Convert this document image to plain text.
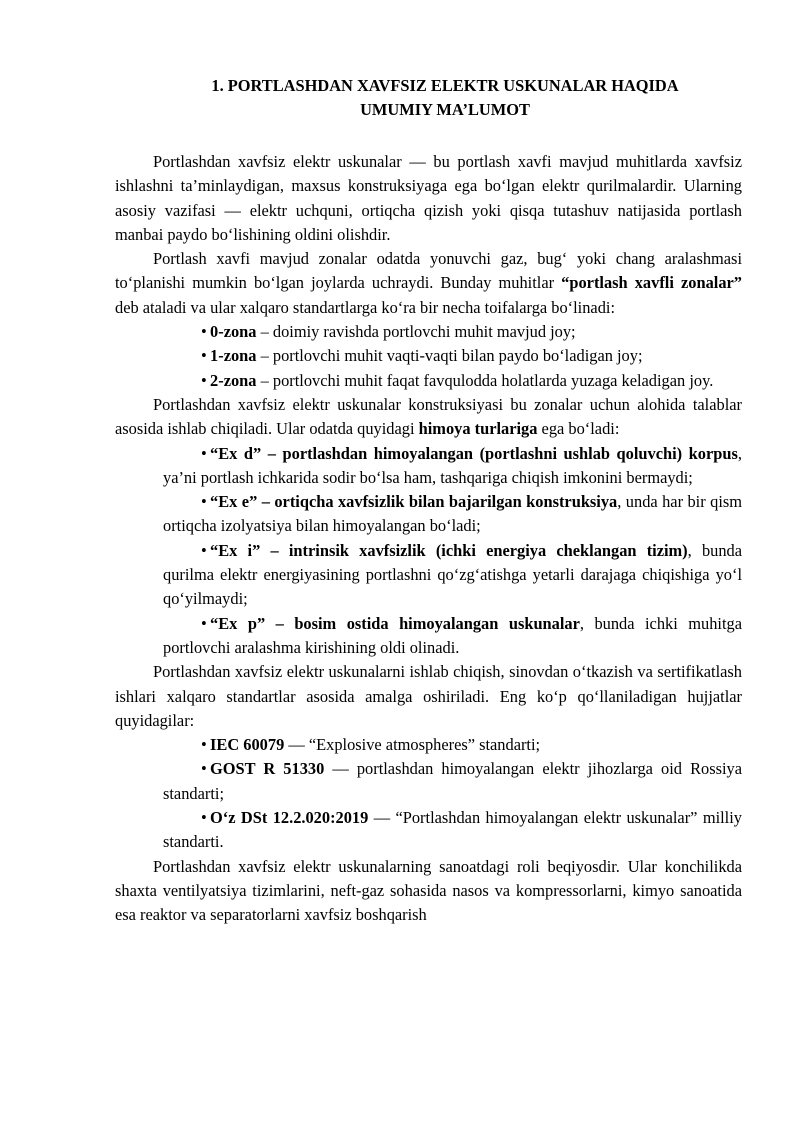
1. PORTLASHDAN XAVFSIZ ELEKTR USKUNALAR HAQIDA
UMUMIY MA’LUMOT

Portlashdan xavfsiz elektr uskunalar — bu portlash xavfi mavjud muhitlarda xavfsiz ishlashni ta’minlaydigan, maxsus konstruksiyaga ega bo‘lgan elektr qurilmalardir. Ularning asosiy vazifasi — elektr uchquni, ortiqcha qizish yoki qisqa tutashuv natijasida portlash manbai paydo bo‘lishining oldini olishdir.

Portlash xavfi mavjud zonalar odatda yonuvchi gaz, bug‘ yoki chang aralashmasi to‘planishi mumkin bo‘lgan joylarda uchraydi. Bunday muhitlar “portlash xavfli zonalar” deb ataladi va ular xalqaro standartlarga ko‘ra bir necha toifalarga bo‘linadi:

•  0-zona – doimiy ravishda portlovchi muhit mavjud joy;

•  1-zona – portlovchi muhit vaqti-vaqti bilan paydo bo‘ladigan joy;

•  2-zona – portlovchi muhit faqat favqulodda holatlarda yuzaga keladigan joy.

Portlashdan xavfsiz elektr uskunalar konstruksiyasi bu zonalar uchun alohida talablar asosida ishlab chiqiladi. Ular odatda quyidagi himoya turlariga ega bo‘ladi:

•  “Ex d” – portlashdan himoyalangan (portlashni ushlab qoluvchi) korpus, ya’ni portlash ichkarida sodir bo‘lsa ham, tashqariga chiqish imkonini bermaydi;

•  “Ex e” – ortiqcha xavfsizlik bilan bajarilgan konstruksiya, unda har bir qism ortiqcha izolyatsiya bilan himoyalangan bo‘ladi;

•  “Ex i” – intrinsik xavfsizlik (ichki energiya cheklangan tizim), bunda qurilma elektr energiyasining portlashni qo‘zg‘atishga yetarli darajaga chiqishiga yo‘l qo‘yilmaydi;

•  “Ex p” – bosim ostida himoyalangan uskunalar, bunda ichki muhitga portlovchi aralashma kirishining oldi olinadi.

Portlashdan xavfsiz elektr uskunalarni ishlab chiqish, sinovdan o‘tkazish va sertifikatlash ishlari xalqaro standartlar asosida amalga oshiriladi. Eng ko‘p qo‘llaniladigan hujjatlar quyidagilar:

•  IEC 60079 — “Explosive atmospheres” standarti;

•  GOST R 51330 — portlashdan himoyalangan elektr jihozlarga oid Rossiya standarti;

•  O‘z DSt 12.2.020:2019 — “Portlashdan himoyalangan elektr uskunalar” milliy standarti.

Portlashdan xavfsiz elektr uskunalarning sanoatdagi roli beqiyosdir. Ular konchilikda shaxta ventilyatsiya tizimlarini, neft-gaz sohasida nasos va kompressorlarni, kimyo sanoatida esa reaktor va separatorlarni xavfsiz boshqarish
